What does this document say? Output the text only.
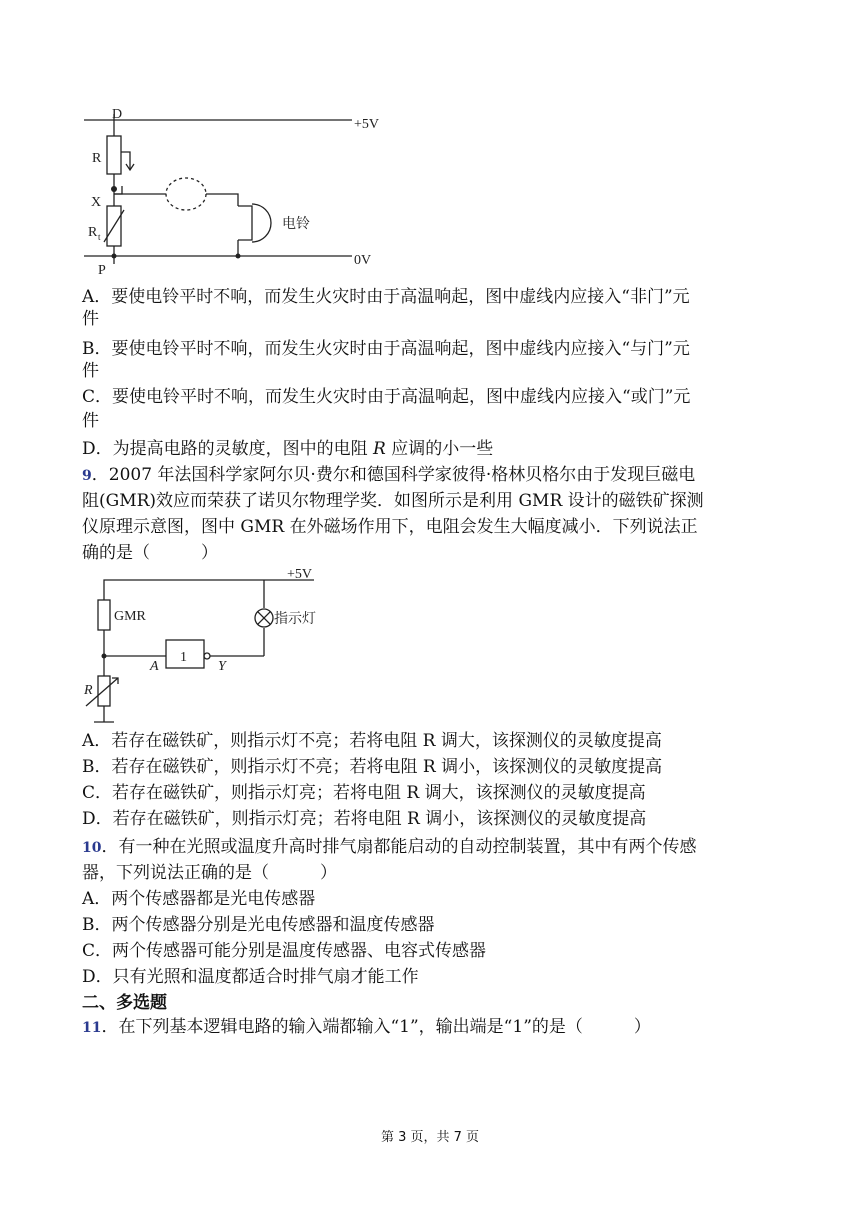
D
+5V
R
X
R t
电铃
P
0V
A．要使电铃平时不响，而发生火灾时由于高温响起，图中虚线内应接入“非门”元
件
B．要使电铃平时不响，而发生火灾时由于高温响起，图中虚线内应接入“与门”元
件
C．要使电铃平时不响，而发生火灾时由于高温响起，图中虚线内应接入“或门”元
件
D．为提高电路的灵敏度，图中的电阻 R 应调的小一些
9．2007 年法国科学家阿尔贝·费尔和德国科学家彼得·格林贝格尔由于发现巨磁电
阻(GMR)效应而荣获了诺贝尔物理学奖．如图所示是利用 GMR 设计的磁铁矿探测
仪原理示意图，图中 GMR 在外磁场作用下，电阻会发生大幅度减小．下列说法正
确的是（　　　）
+5V
GMR	指示灯
1
A	Y
R
A．若存在磁铁矿，则指示灯不亮；若将电阻 R 调大，该探测仪的灵敏度提高
B．若存在磁铁矿，则指示灯不亮；若将电阻 R 调小，该探测仪的灵敏度提高
C．若存在磁铁矿，则指示灯亮；若将电阻 R 调大，该探测仪的灵敏度提高
D．若存在磁铁矿，则指示灯亮；若将电阻 R 调小，该探测仪的灵敏度提高
10．有一种在光照或温度升高时排气扇都能启动的自动控制装置，其中有两个传感
器，下列说法正确的是（　　　）
A．两个传感器都是光电传感器
B．两个传感器分别是光电传感器和温度传感器
C．两个传感器可能分别是温度传感器、电容式传感器
D．只有光照和温度都适合时排气扇才能工作
二、多选题
11．在下列基本逻辑电路的输入端都输入“1”，输出端是“1”的是（　　　）
第 3 页，共 7 页
